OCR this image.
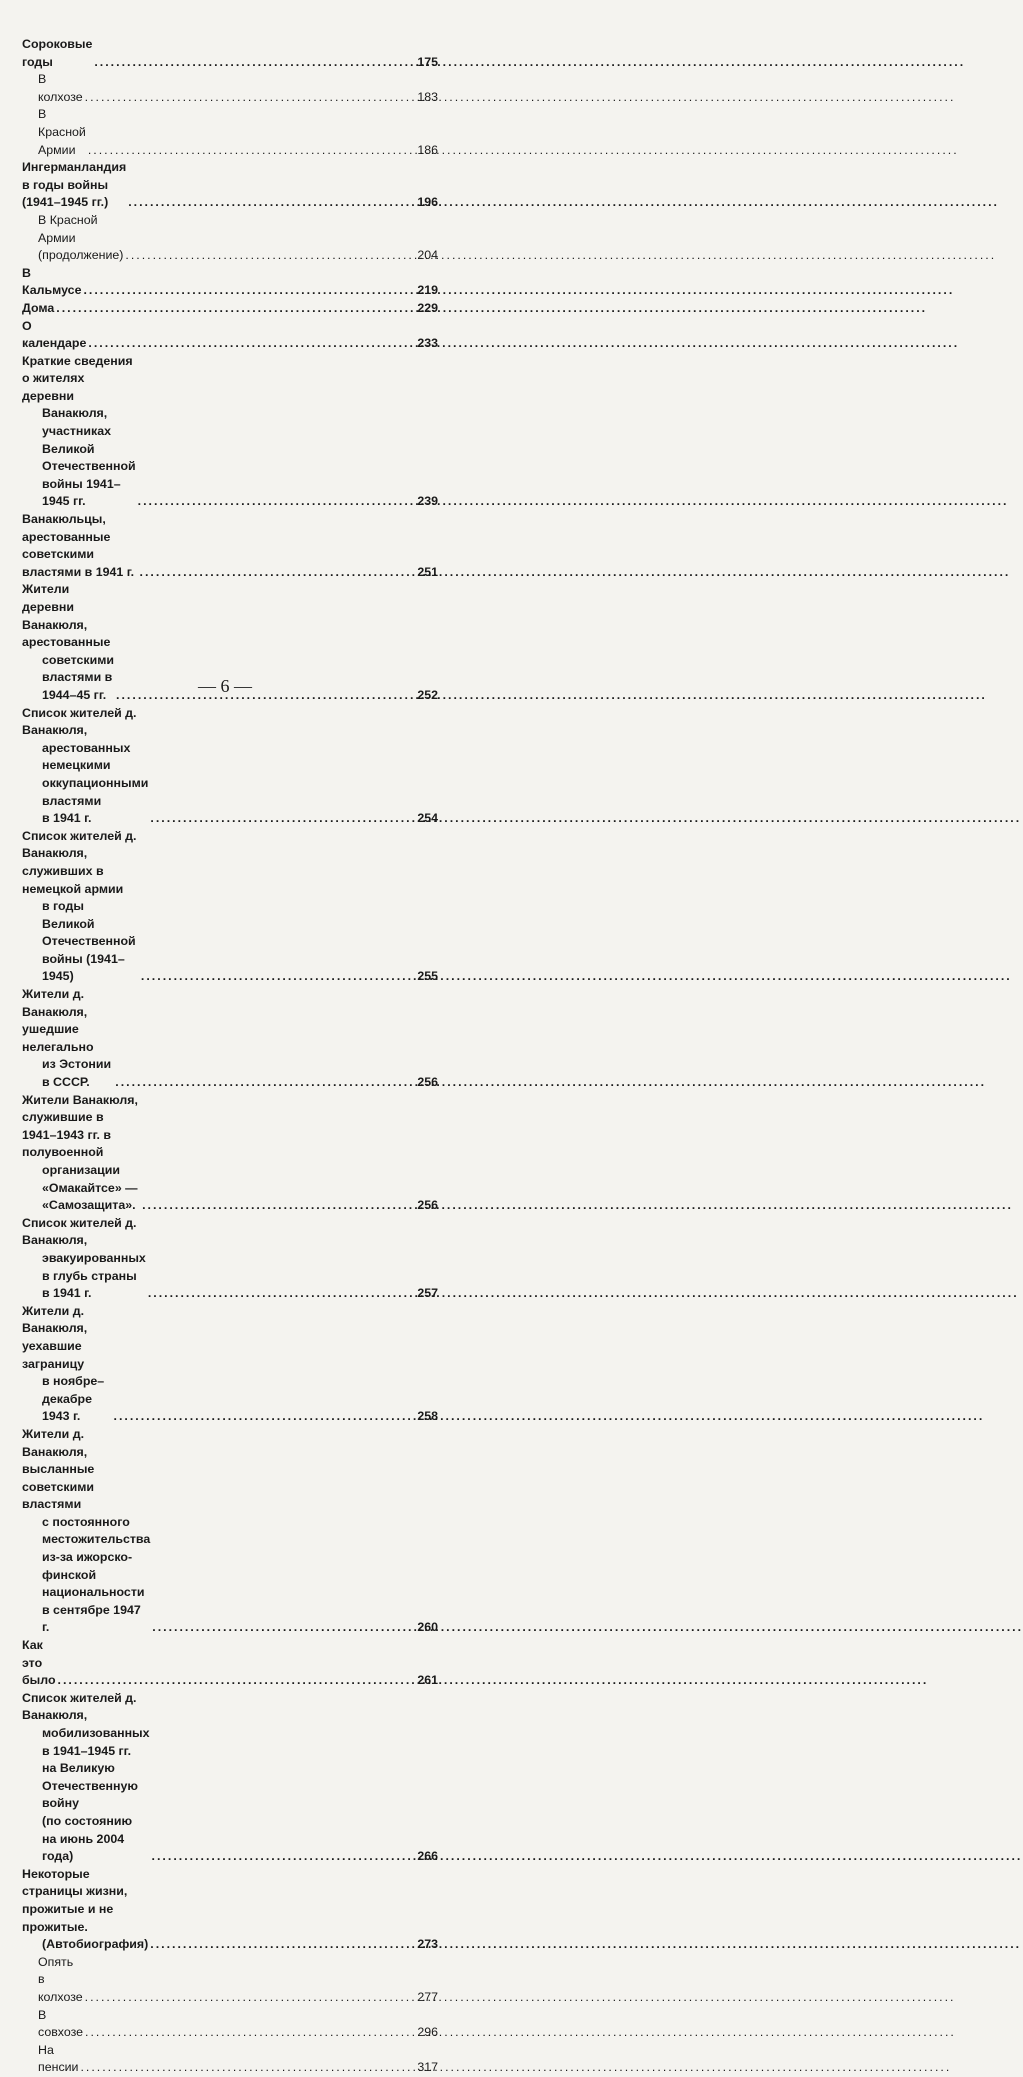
Сороковые годы .....	175
В колхозе .....	183
В Красной Армии .....	186
Ингерманландия в годы войны (1941–1945 гг.) .....	196
В Красной Армии (продолжение) .....	204
В Кальмусе .....	219
Дома .....	229
О календаре .....	233
Краткие сведения о жителях деревни
Ванакюля, участниках Великой
Отечественной войны 1941–1945 гг. .....	239
Ванакюльцы, арестованные советскими властями в 1941 г. .....	251
Жители деревни Ванакюля, арестованные
советскими властями в 1944–45 гг. .....	252
Список жителей д. Ванакюля,
арестованных немецкими оккупационными властями
в 1941 г. .....	254
Список жителей д. Ванакюля, служивших в немецкой армии
в годы Великой Отечественной войны (1941–1945) .....	255
Жители д. Ванакюля, ушедшие нелегально
из Эстонии в СССР. .....	256
Жители Ванакюля, служившие в 1941–1943 гг. в полувоенной
организации «Омакайтсе» — «Самозащита». .....	256
Список жителей д. Ванакюля,
эвакуированных в глубь страны в 1941 г. .....	257
Жители д. Ванакюля, уехавшие заграницу
в ноябре–декабре 1943 г. .....	258
Жители д. Ванакюля, высланные советскими властями
с постоянного местожительства
из-за ижорско-финской национальности
в сентябре 1947 г. .....	260
Как это было .....	261
Список жителей д. Ванакюля,
мобилизованных в 1941–1945 гг.
на Великую Отечественную
войну
(по состоянию на июнь 2004 года) .....	266
Некоторые страницы жизни, прожитые и не прожитые.
(Автобиография) .....	273
Опять в колхозе .....	277
В совхозе .....	296
На пенсии .....	317
— 6 —
